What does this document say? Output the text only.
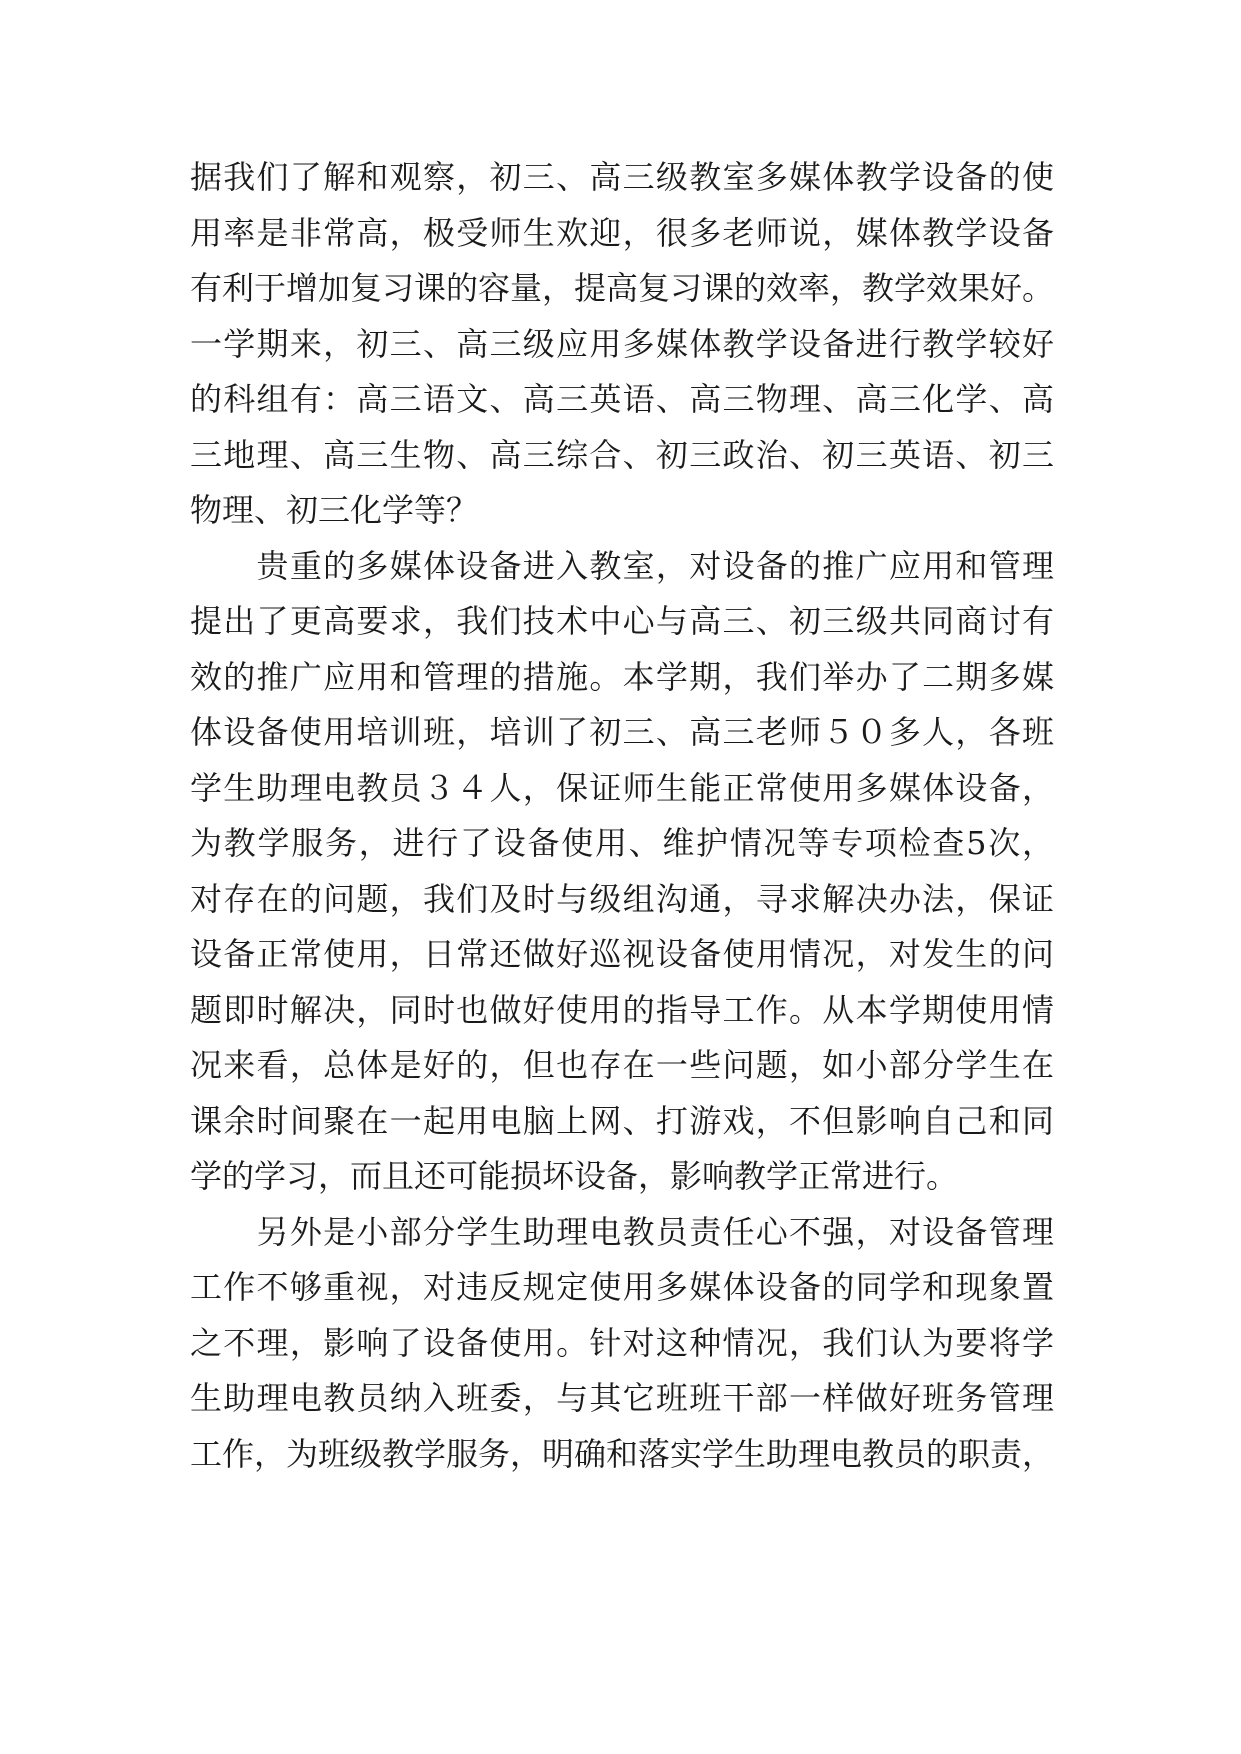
据我们了解和观察，初三、高三级教室多媒体教学设备的使
用率是非常高，极受师生欢迎，很多老师说，媒体教学设备
有利于增加复习课的容量，提高复习课的效率，教学效果好。
一学期来，初三、高三级应用多媒体教学设备进行教学较好
的科组有：高三语文、高三英语、高三物理、高三化学、高
三地理、高三生物、高三综合、初三政治、初三英语、初三
物理、初三化学等？
　　贵重的多媒体设备进入教室，对设备的推广应用和管理
提出了更高要求，我们技术中心与高三、初三级共同商讨有
效的推广应用和管理的措施。本学期，我们举办了二期多媒
体设备使用培训班，培训了初三、高三老师５０多人，各班
学生助理电教员３４人，保证师生能正常使用多媒体设备，
为教学服务，进行了设备使用、维护情况等专项检查5次，
对存在的问题，我们及时与级组沟通，寻求解决办法，保证
设备正常使用，日常还做好巡视设备使用情况，对发生的问
题即时解决，同时也做好使用的指导工作。从本学期使用情
况来看，总体是好的，但也存在一些问题，如小部分学生在
课余时间聚在一起用电脑上网、打游戏，不但影响自己和同
学的学习，而且还可能损坏设备，影响教学正常进行。
　　另外是小部分学生助理电教员责任心不强，对设备管理
工作不够重视，对违反规定使用多媒体设备的同学和现象置
之不理，影响了设备使用。针对这种情况，我们认为要将学
生助理电教员纳入班委，与其它班班干部一样做好班务管理
工作，为班级教学服务，明确和落实学生助理电教员的职责，
